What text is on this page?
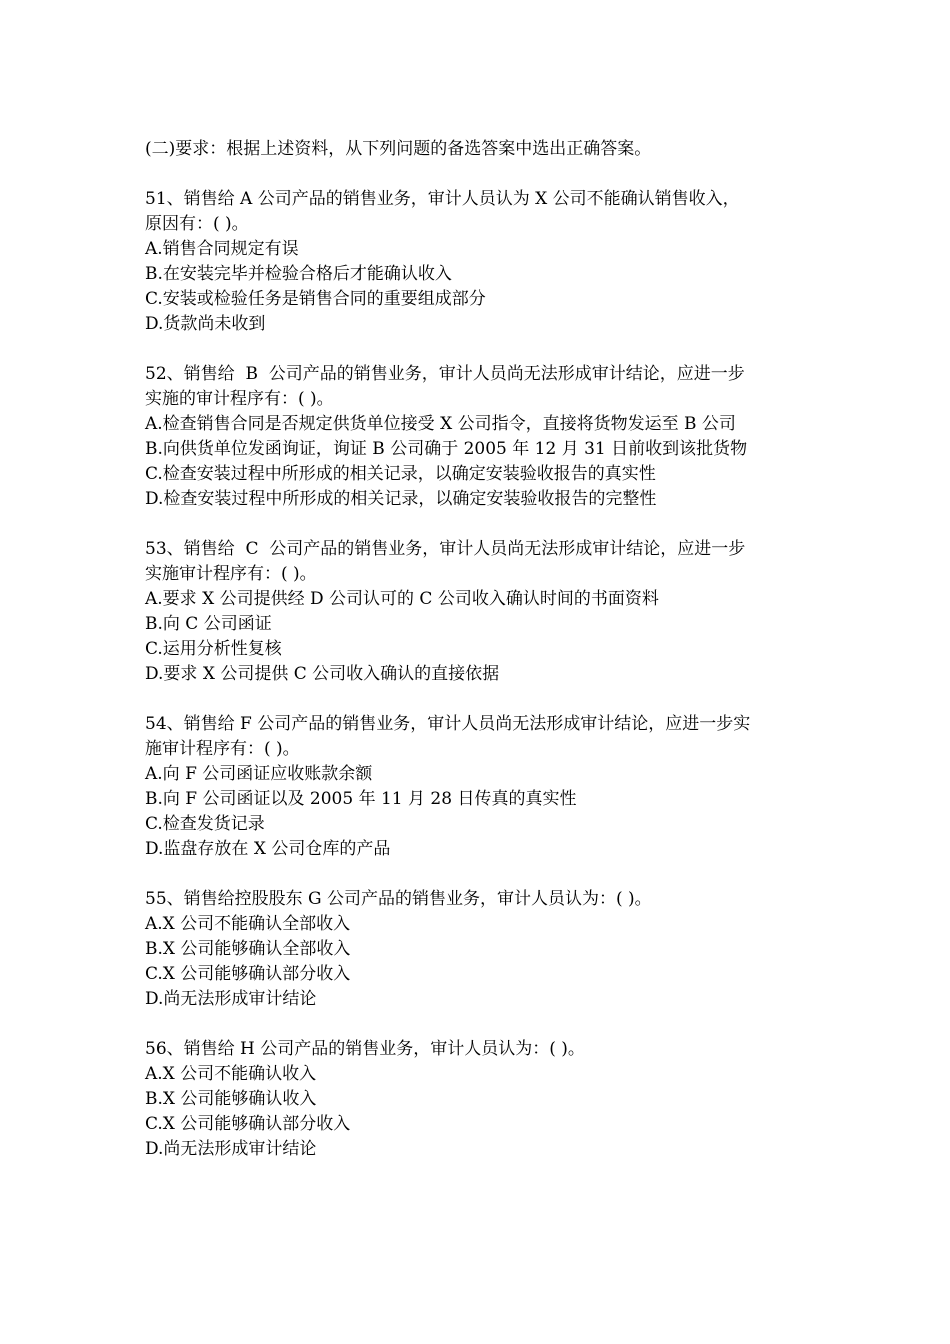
(二)要求：根据上述资料，从下列问题的备选答案中选出正确答案。
51、销售给 A 公司产品的销售业务，审计人员认为 X 公司不能确认销售收入，
原因有：( )。
A.销售合同规定有误
B.在安装完毕并检验合格后才能确认收入
C.安装或检验任务是销售合同的重要组成部分
D.货款尚未收到
52、销售给  B  公司产品的销售业务，审计人员尚无法形成审计结论，应进一步
实施的审计程序有：( )。
A.检查销售合同是否规定供货单位接受 X 公司指令，直接将货物发运至 B 公司
B.向供货单位发函询证，询证 B 公司确于 2005 年 12 月 31 日前收到该批货物
C.检查安装过程中所形成的相关记录，以确定安装验收报告的真实性
D.检查安装过程中所形成的相关记录，以确定安装验收报告的完整性
53、销售给  C  公司产品的销售业务，审计人员尚无法形成审计结论，应进一步
实施审计程序有：( )。
A.要求 X 公司提供经 D 公司认可的 C 公司收入确认时间的书面资料
B.向 C 公司函证
C.运用分析性复核
D.要求 X 公司提供 C 公司收入确认的直接依据
54、销售给 F 公司产品的销售业务，审计人员尚无法形成审计结论，应进一步实
施审计程序有：( )。
A.向 F 公司函证应收账款余额
B.向 F 公司函证以及 2005 年 11 月 28 日传真的真实性
C.检查发货记录
D.监盘存放在 X 公司仓库的产品
55、销售给控股股东 G 公司产品的销售业务，审计人员认为：( )。
A.X 公司不能确认全部收入
B.X 公司能够确认全部收入
C.X 公司能够确认部分收入
D.尚无法形成审计结论
56、销售给 H 公司产品的销售业务，审计人员认为：( )。
A.X 公司不能确认收入
B.X 公司能够确认收入
C.X 公司能够确认部分收入
D.尚无法形成审计结论
